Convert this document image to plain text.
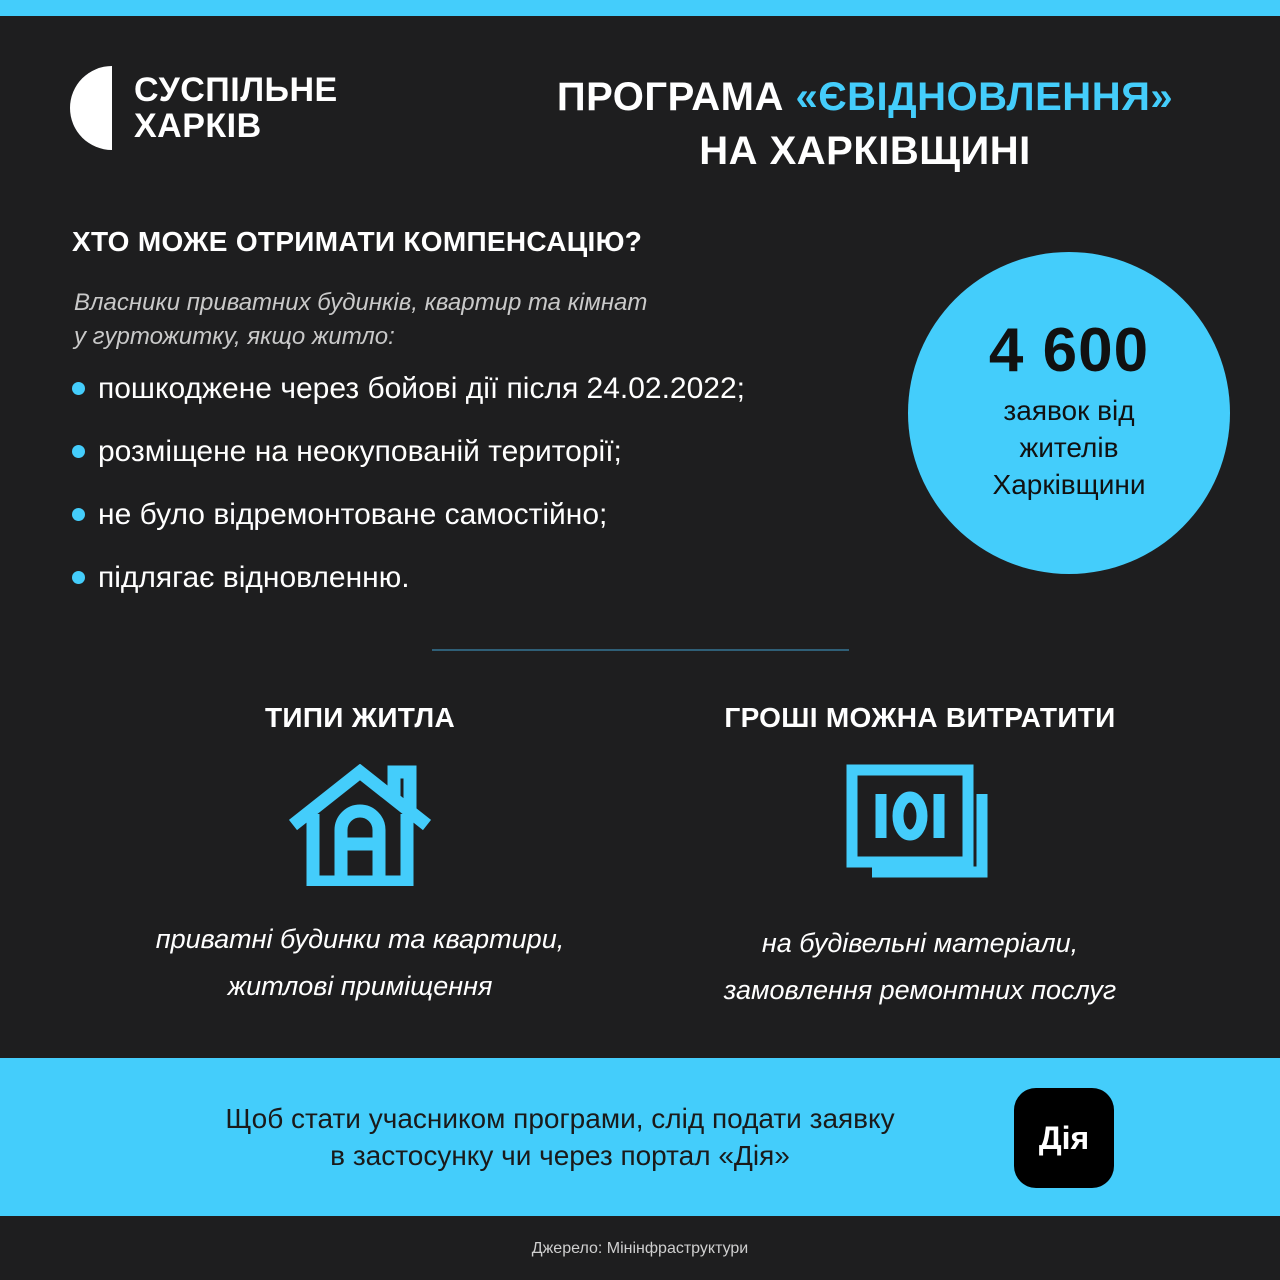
СУСПІЛЬНЕ
ХАРКІВ
ПРОГРАМА «ЄВІДНОВЛЕННЯ»
НА ХАРКІВЩИНІ
ХТО МОЖЕ ОТРИМАТИ КОМПЕНСАЦІЮ?
Власники приватних будинків, квартир та кімнат
у гуртожитку, якщо житло:
пошкоджене через бойові дії після 24.02.2022;
розміщене на неокупованій території;
не було відремонтоване самостійно;
підлягає відновленню.
4 600
заявок від
жителів
Харківщини
ТИПИ ЖИТЛА
приватні будинки та квартири,
житлові приміщення
ГРОШІ МОЖНА ВИТРАТИТИ
на будівельні матеріали,
замовлення ремонтних послуг
Щоб стати учасником програми, слід подати заявку
в застосунку чи через портал «Дія»	Дія
Джерело: Мінінфраструктури
